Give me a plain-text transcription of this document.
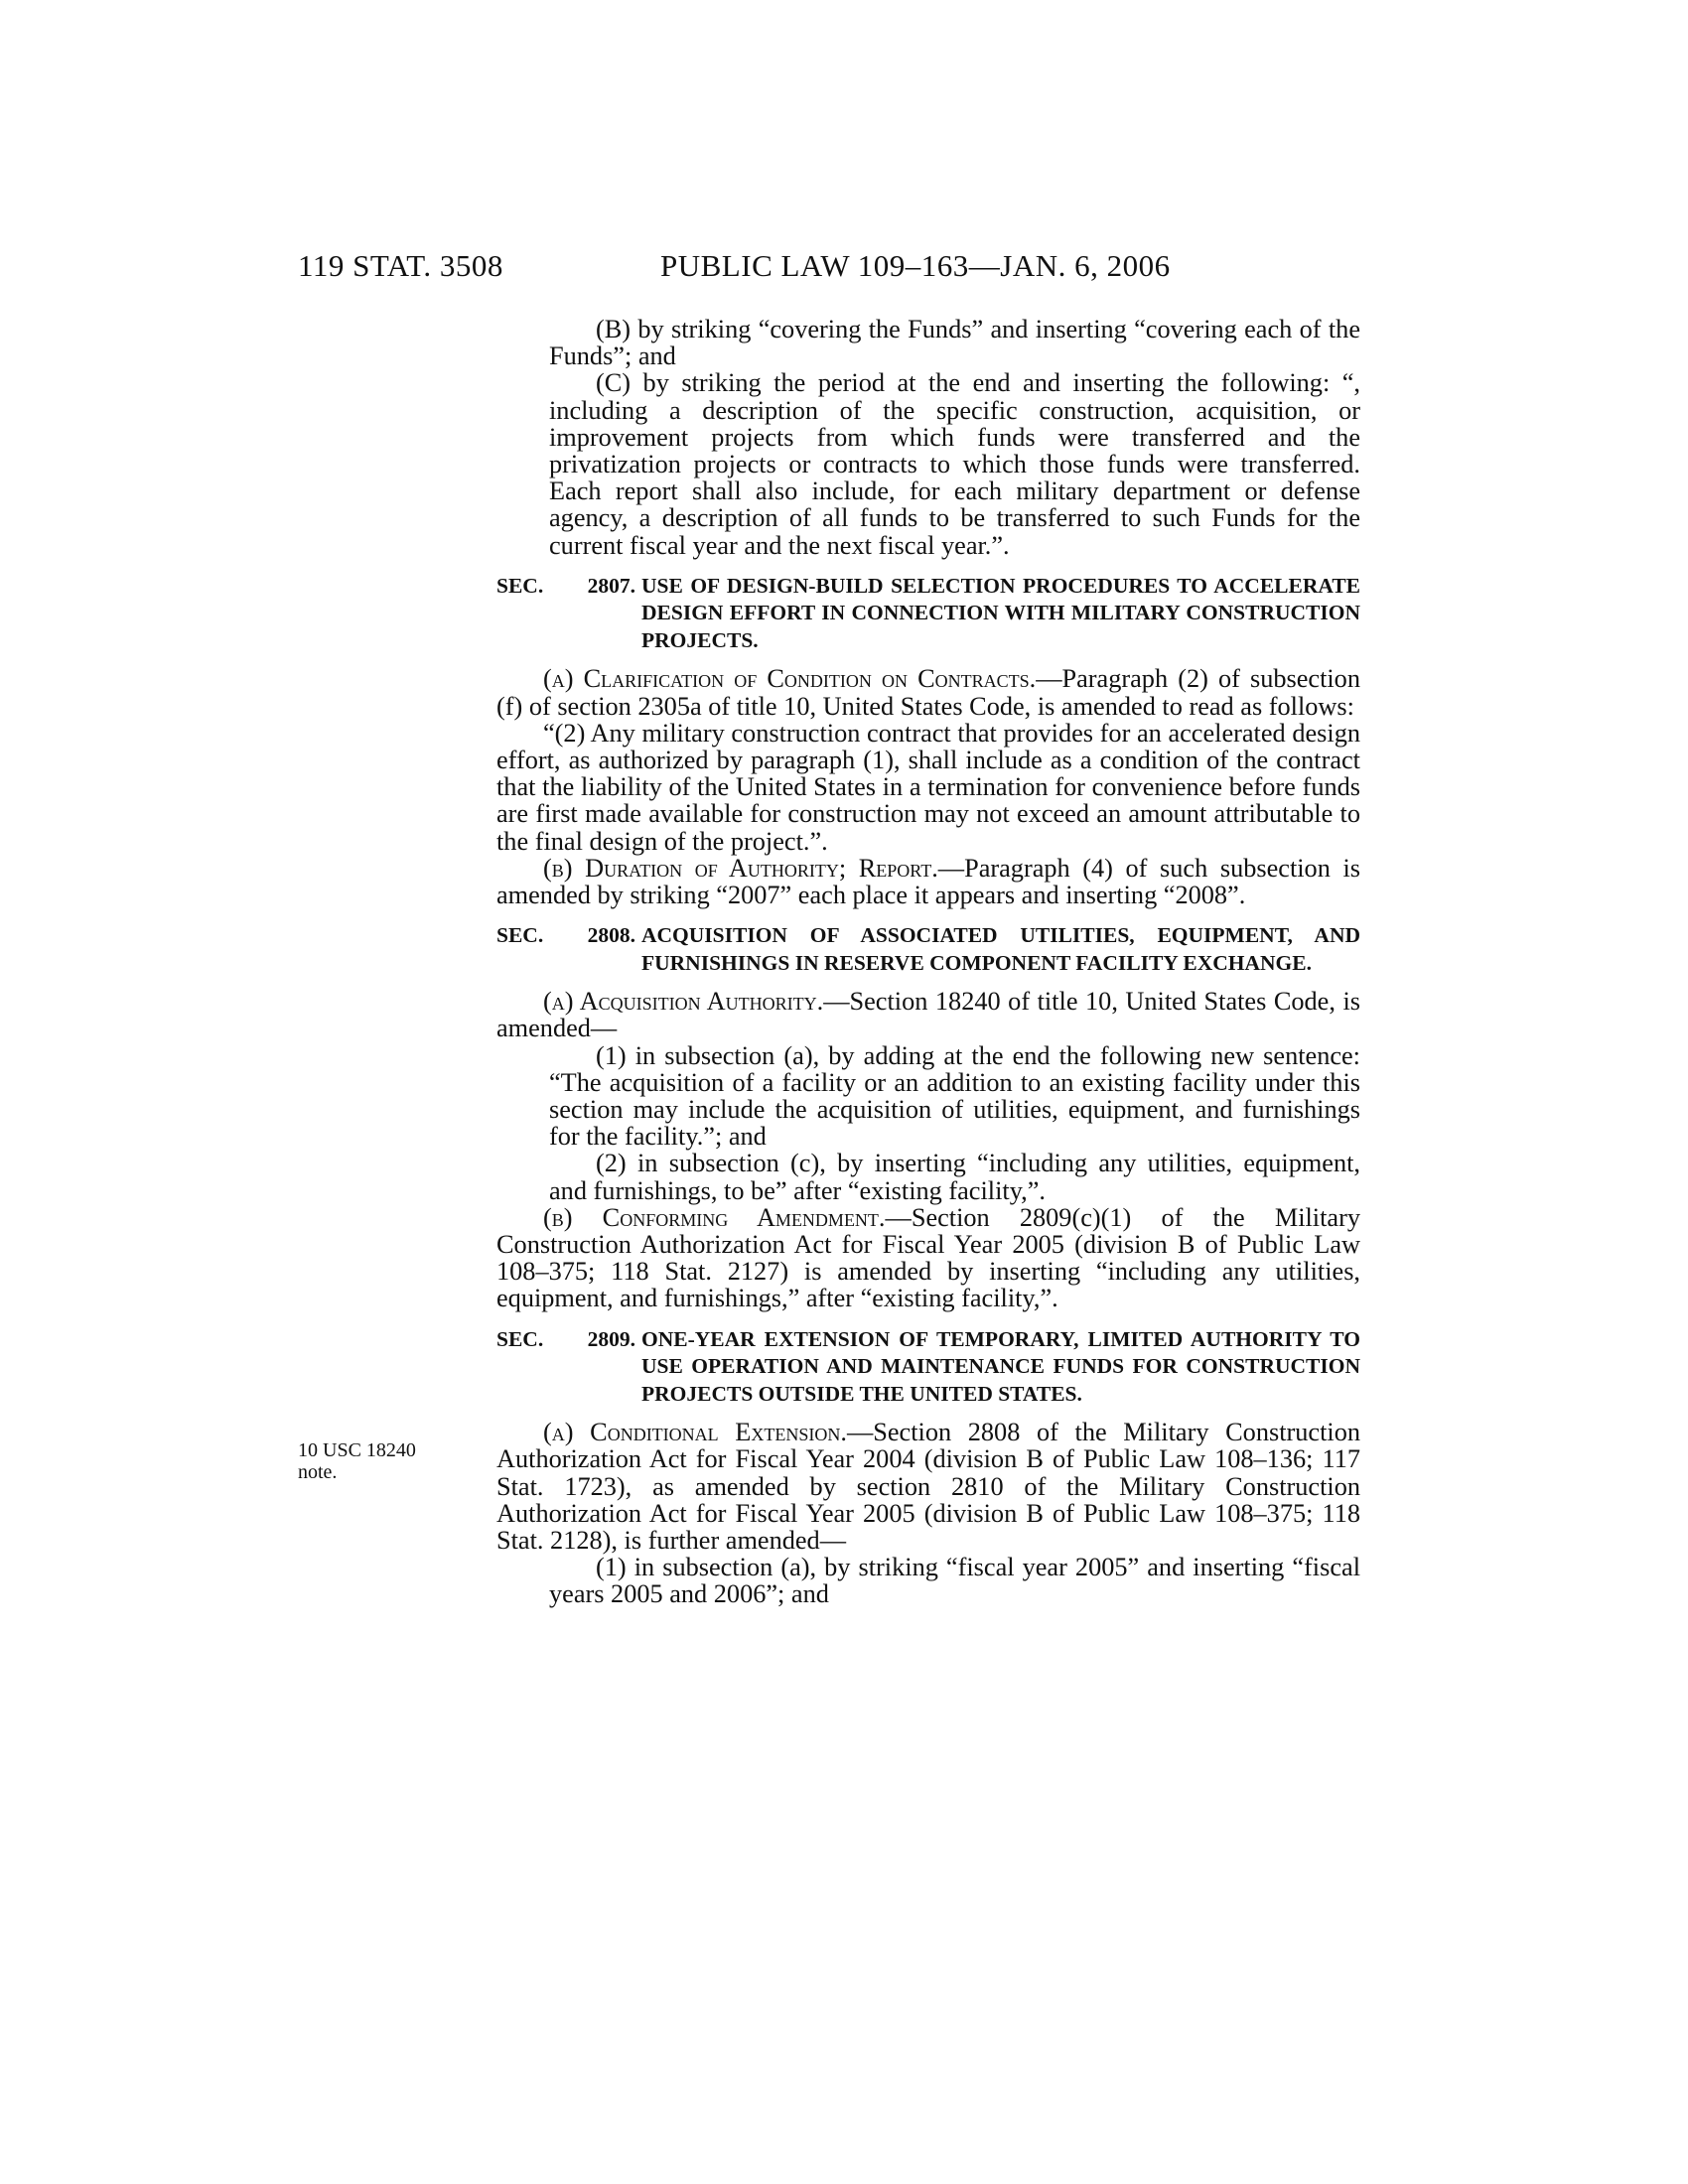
119 STAT. 3508	PUBLIC LAW 109–163—JAN. 6, 2006
10 USC 18240
note.

(B) by striking “covering the Funds” and inserting “covering each of the Funds”; and

(C) by striking the period at the end and inserting the following: “, including a description of the specific construction, acquisition, or improvement projects from which funds were transferred and the privatization projects or contracts to which those funds were transferred. Each report shall also include, for each military department or defense agency, a description of all funds to be transferred to such Funds for the current fiscal year and the next fiscal year.”.

SEC. 2807. USE OF DESIGN-BUILD SELECTION PROCEDURES TO ACCELERATE DESIGN EFFORT IN CONNECTION WITH MILITARY CONSTRUCTION PROJECTS.

(a) Clarification of Condition on Contracts.—Paragraph (2) of subsection (f) of section 2305a of title 10, United States Code, is amended to read as follows:

“(2) Any military construction contract that provides for an accelerated design effort, as authorized by paragraph (1), shall include as a condition of the contract that the liability of the United States in a termination for convenience before funds are first made available for construction may not exceed an amount attributable to the final design of the project.”.

(b) Duration of Authority; Report.—Paragraph (4) of such subsection is amended by striking “2007” each place it appears and inserting “2008”.

SEC. 2808. ACQUISITION OF ASSOCIATED UTILITIES, EQUIPMENT, AND FURNISHINGS IN RESERVE COMPONENT FACILITY EXCHANGE.

(a) Acquisition Authority.—Section 18240 of title 10, United States Code, is amended—

(1) in subsection (a), by adding at the end the following new sentence: “The acquisition of a facility or an addition to an existing facility under this section may include the acquisition of utilities, equipment, and furnishings for the facility.”; and

(2) in subsection (c), by inserting “including any utilities, equipment, and furnishings, to be” after “existing facility,”.

(b) Conforming Amendment.—Section 2809(c)(1) of the Military Construction Authorization Act for Fiscal Year 2005 (division B of Public Law 108–375; 118 Stat. 2127) is amended by inserting “including any utilities, equipment, and furnishings,” after “existing facility,”.

SEC. 2809. ONE-YEAR EXTENSION OF TEMPORARY, LIMITED AUTHORITY TO USE OPERATION AND MAINTENANCE FUNDS FOR CONSTRUCTION PROJECTS OUTSIDE THE UNITED STATES.

(a) Conditional Extension.—Section 2808 of the Military Construction Authorization Act for Fiscal Year 2004 (division B of Public Law 108–136; 117 Stat. 1723), as amended by section 2810 of the Military Construction Authorization Act for Fiscal Year 2005 (division B of Public Law 108–375; 118 Stat. 2128), is further amended—

(1) in subsection (a), by striking “fiscal year 2005” and inserting “fiscal years 2005 and 2006”; and
